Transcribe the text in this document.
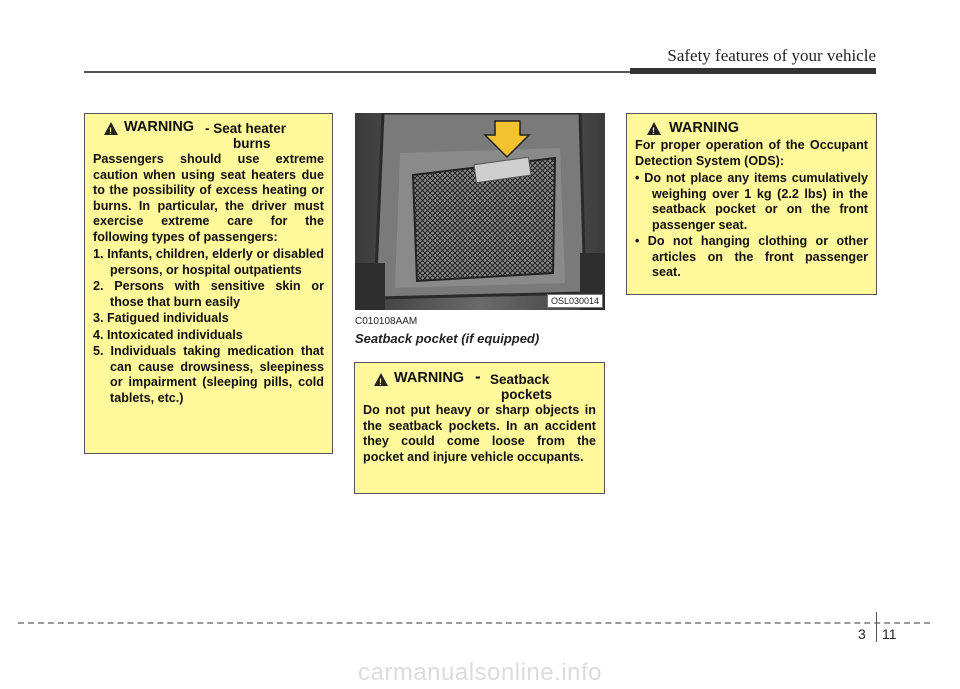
Safety features of your vehicle
!
WARNING - Seat heater
burns
Passengers should use extreme caution when using seat heaters due to the possibility of excess heating or burns. In particular, the driver must exercise extreme care for the following types of passengers:
1. Infants, children, elderly or disabled persons, or hospital outpatients
2. Persons with sensitive skin or those that burn easily
3. Fatigued individuals
4. Intoxicated individuals
5. Individuals taking medication that can cause drowsiness, sleepiness or impairment (sleeping pills, cold tablets, etc.)
OSL030014
C010108AAM
Seatback pocket (if equipped)
!
WARNING - Seatback
pockets
Do not put heavy or sharp objects in the seatback pockets. In an accident they could come loose from the pocket and injure vehicle occupants.
!
WARNING
For proper operation of the Occupant Detection System (ODS):
• Do not place any items cumulatively weighing over 1 kg (2.2 lbs) in the seatback pocket or on the front passenger seat.
• Do not hanging clothing or other articles on the front passenger seat.
3 11
carmanualsonline.info
